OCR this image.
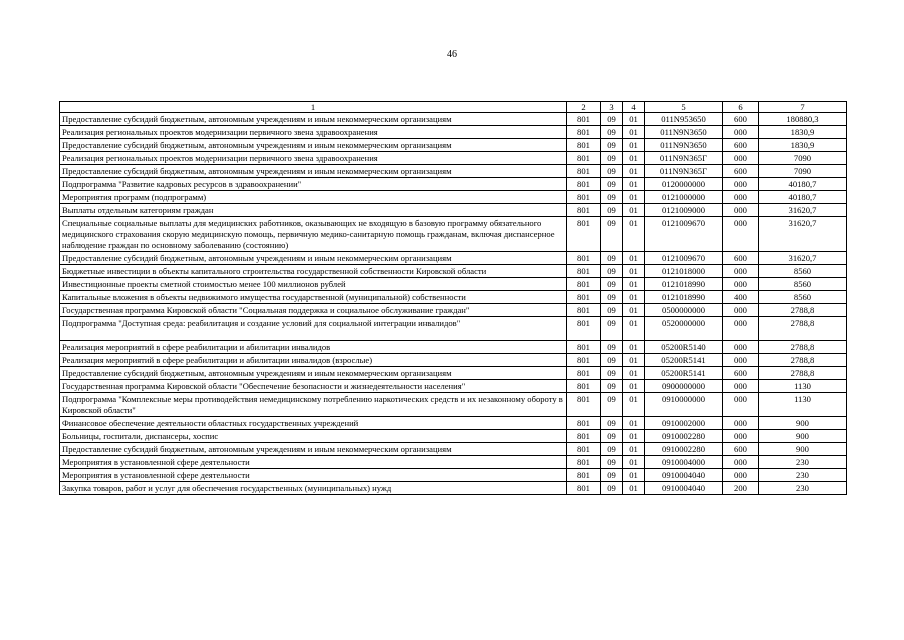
46
1	2	3	4	5	6	7
Предоставление субсидий бюджетным, автономным учреждениям и иным некоммерческим организациям	801	09	01	011N953650	600	180880,3
Реализация региональных проектов модернизации первичного звена здравоохранения	801	09	01	011N9N3650	000	1830,9
Предоставление субсидий бюджетным, автономным учреждениям и иным некоммерческим организациям	801	09	01	011N9N3650	600	1830,9
Реализация региональных проектов модернизации первичного звена здравоохранения	801	09	01	011N9N365Г	000	7090
Предоставление субсидий бюджетным, автономным учреждениям и иным некоммерческим организациям	801	09	01	011N9N365Г	600	7090
Подпрограмма "Развитие кадровых ресурсов в здравоохранении"	801	09	01	0120000000	000	40180,7
Мероприятия программ (подпрограмм)	801	09	01	0121000000	000	40180,7
Выплаты отдельным категориям граждан	801	09	01	0121009000	000	31620,7
Специальные социальные выплаты для медицинских работников, оказывающих не входящую в базовую программу обязательного медицинского страхования скорую медицинскую помощь, первичную медико-санитарную помощь гражданам, включая диспансерное наблюдение граждан по основному заболеванию (состоянию)	801	09	01	0121009670	000	31620,7
Предоставление субсидий бюджетным, автономным учреждениям и иным некоммерческим организациям	801	09	01	0121009670	600	31620,7
Бюджетные инвестиции в объекты капитального строительства государственной собственности Кировской области	801	09	01	0121018000	000	8560
Инвестиционные проекты сметной стоимостью менее 100 миллионов рублей	801	09	01	0121018990	000	8560
Капитальные вложения в объекты недвижимого имущества государственной (муниципальной) собственности	801	09	01	0121018990	400	8560
Государственная программа Кировской области "Социальная поддержка и социальное обслуживание граждан"	801	09	01	0500000000	000	2788,8
Подпрограмма "Доступная среда: реабилитация и создание условий для социальной интеграции инвалидов"	801	09	01	0520000000	000	2788,8
Реализация мероприятий в сфере реабилитации и абилитации инвалидов	801	09	01	05200R5140	000	2788,8
Реализация мероприятий в сфере реабилитации и абилитации инвалидов (взрослые)	801	09	01	05200R5141	000	2788,8
Предоставление субсидий бюджетным, автономным учреждениям и иным некоммерческим организациям	801	09	01	05200R5141	600	2788,8
Государственная программа Кировской области "Обеспечение безопасности и жизнедеятельности населения"	801	09	01	0900000000	000	1130
Подпрограмма "Комплексные меры противодействия немедицинскому потреблению наркотических средств и их незаконному обороту в Кировской области"	801	09	01	0910000000	000	1130
Финансовое обеспечение деятельности областных государственных учреждений	801	09	01	0910002000	000	900
Больницы, госпитали, диспансеры, хоспис	801	09	01	0910002280	000	900
Предоставление субсидий бюджетным, автономным учреждениям и иным некоммерческим организациям	801	09	01	0910002280	600	900
Мероприятия в установленной сфере деятельности	801	09	01	0910004000	000	230
Мероприятия в установленной сфере деятельности	801	09	01	0910004040	000	230
Закупка товаров, работ и услуг для обеспечения государственных (муниципальных) нужд	801	09	01	0910004040	200	230
